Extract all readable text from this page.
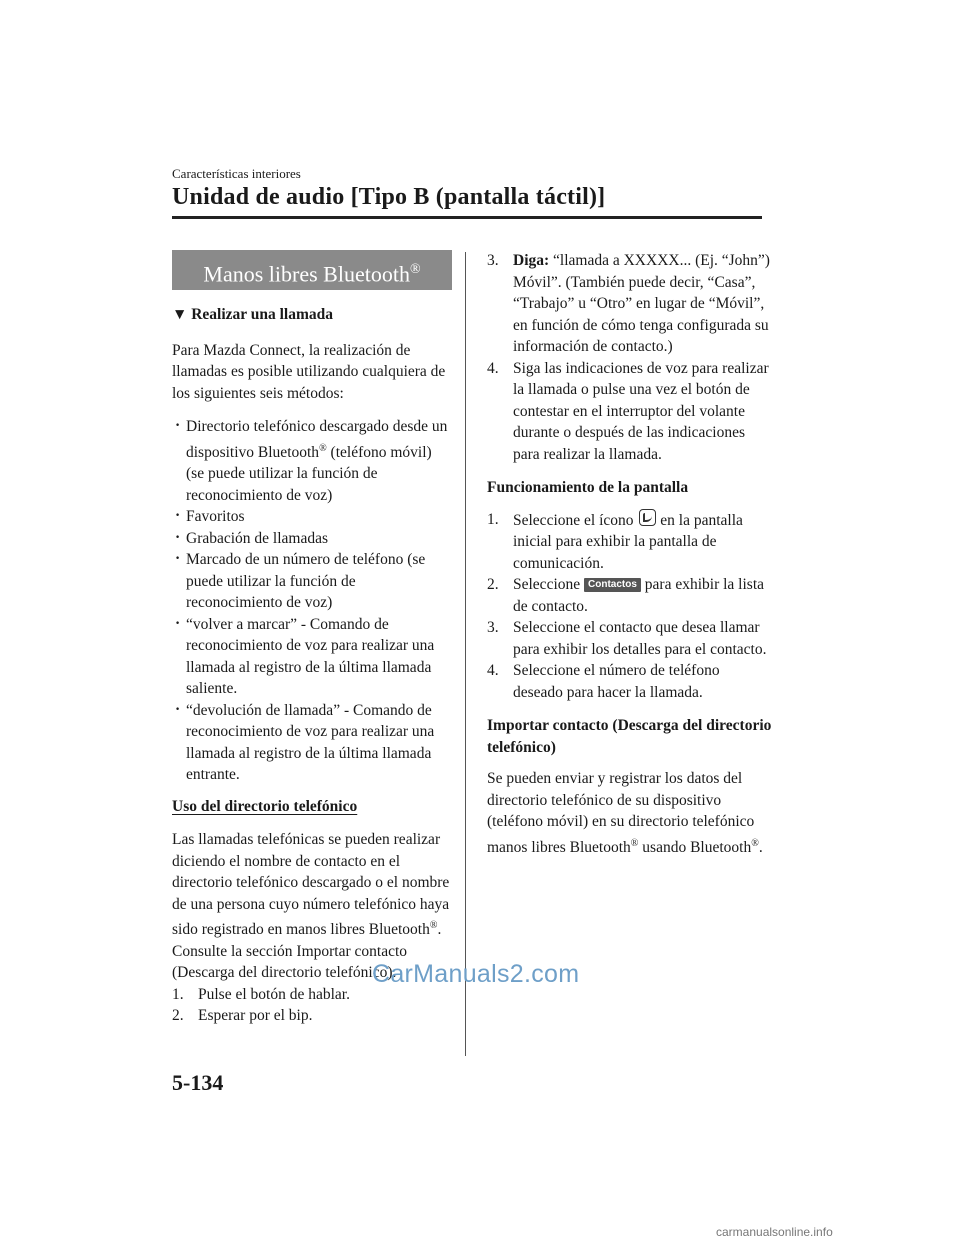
Características interiores
Unidad de audio [Tipo B (pantalla táctil)]
Manos libres Bluetooth®

▼ Realizar una llamada

Para Mazda Connect, la realización de llamadas es posible utilizando cualquiera de los siguientes seis métodos:

· Directorio telefónico descargado desde un dispositivo Bluetooth® (teléfono móvil) (se puede utilizar la función de reconocimiento de voz)
· Favoritos
· Grabación de llamadas
· Marcado de un número de teléfono (se puede utilizar la función de reconocimiento de voz)
· “volver a marcar” - Comando de reconocimiento de voz para realizar una llamada al registro de la última llamada saliente.
· “devolución de llamada” - Comando de reconocimiento de voz para realizar una llamada al registro de la última llamada entrante.

Uso del directorio telefónico

Las llamadas telefónicas se pueden realizar diciendo el nombre de contacto en el directorio telefónico descargado o el nombre de una persona cuyo número telefónico haya sido registrado en manos libres Bluetooth®. Consulte la sección Importar contacto (Descarga del directorio telefónico).

1. Pulse el botón de hablar.
2. Esperar por el bip.
3. Diga: “llamada a XXXXX... (Ej. “John”) Móvil”. (También puede decir, “Casa”, “Trabajo” u “Otro” en lugar de “Móvil”, en función de cómo tenga configurada su información de contacto.)
4. Siga las indicaciones de voz para realizar la llamada o pulse una vez el botón de contestar en el interruptor del volante durante o después de las indicaciones para realizar la llamada.

Funcionamiento de la pantalla

1. Seleccione el ícono  en la pantalla inicial para exhibir la pantalla de comunicación.
2. Seleccione Contactos para exhibir la lista de contacto.
3. Seleccione el contacto que desea llamar para exhibir los detalles para el contacto.
4. Seleccione el número de teléfono deseado para hacer la llamada.

Importar contacto (Descarga del directorio telefónico)

Se pueden enviar y registrar los datos del directorio telefónico de su dispositivo (teléfono móvil) en su directorio telefónico manos libres Bluetooth® usando Bluetooth®.

CarManuals2.com
5-134
carmanualsonline.info
